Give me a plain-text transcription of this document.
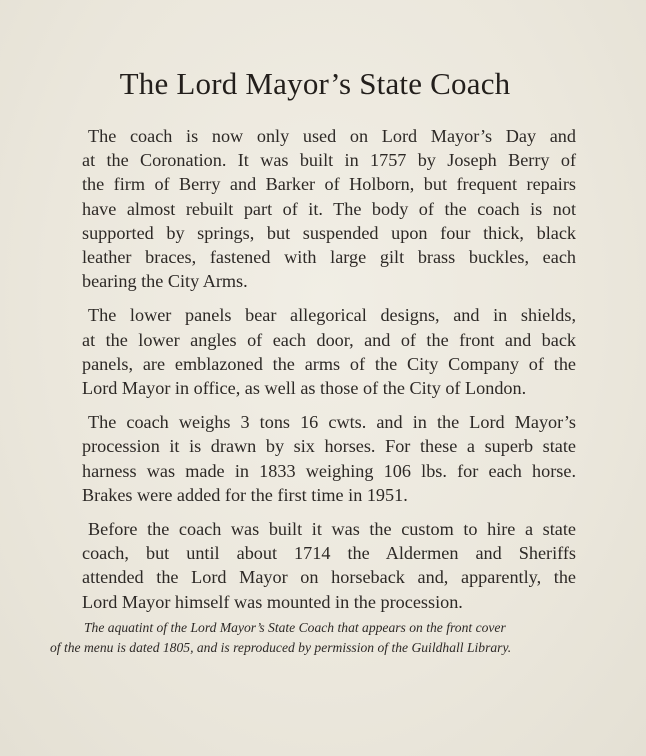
The Lord Mayor’s State Coach

The coach is now only used on Lord Mayor’s Day and
at the Coronation. It was built in 1757 by Joseph Berry of
the firm of Berry and Barker of Holborn, but frequent repairs
have almost rebuilt part of it. The body of the coach is not
supported by springs, but suspended upon four thick, black
leather braces, fastened with large gilt brass buckles, each
bearing the City Arms.

The lower panels bear allegorical designs, and in shields,
at the lower angles of each door, and of the front and back
panels, are emblazoned the arms of the City Company of the
Lord Mayor in office, as well as those of the City of London.

The coach weighs 3 tons 16 cwts. and in the Lord Mayor’s
procession it is drawn by six horses. For these a superb state
harness was made in 1833 weighing 106 lbs. for each horse.
Brakes were added for the first time in 1951.

Before the coach was built it was the custom to hire a state
coach, but until about 1714 the Aldermen and Sheriffs
attended the Lord Mayor on horseback and, apparently, the
Lord Mayor himself was mounted in the procession.

The aquatint of the Lord Mayor’s State Coach that appears on the front cover
of the menu is dated 1805, and is reproduced by permission of the Guildhall Library.
